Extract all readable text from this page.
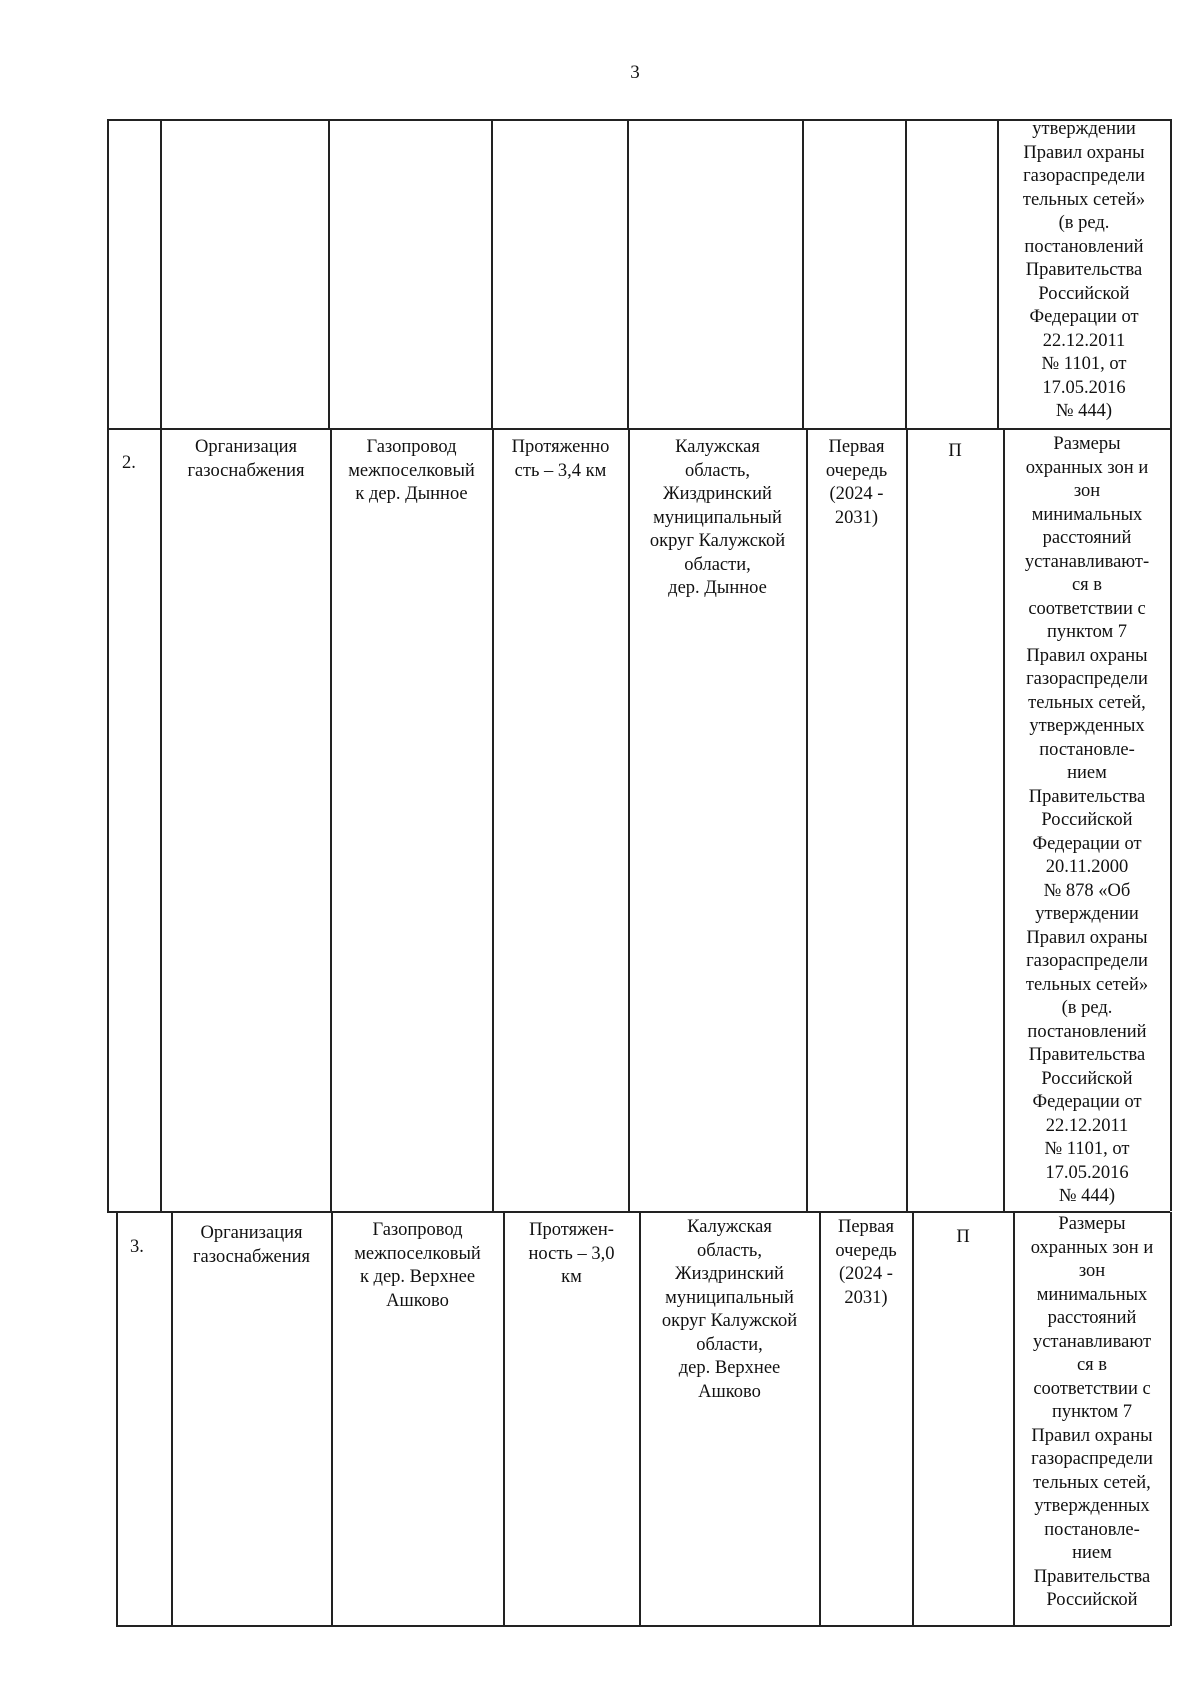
3
утверждении
Правил охраны
газораспредели
тельных сетей»
(в ред.
постановлений
Правительства
Российской
Федерации от
22.12.2011
№ 1101, от
17.05.2016
№ 444)
2.
Организация
газоснабжения
Газопровод
межпоселковый
к дер. Дынное
Протяженно
сть – 3,4 км
Калужская
область,
Жиздринский
муниципальный
округ Калужской
области,
дер. Дынное
Первая
очередь
(2024 -
2031)
П	Размеры
охранных зон и
зон
минимальных
расстояний
устанавливают-
ся в
соответствии с
пунктом 7
Правил охраны
газораспредели
тельных сетей,
утвержденных
постановле-
нием
Правительства
Российской
Федерации от
20.11.2000
№ 878 «Об
утверждении
Правил охраны
газораспредели
тельных сетей»
(в ред.
постановлений
Правительства
Российской
Федерации от
22.12.2011
№ 1101, от
17.05.2016
№ 444)
3.
Организация
газоснабжения
Газопровод
межпоселковый
к дер. Верхнее
Ашково
Протяжен-
ность – 3,0
км
Калужская
область,
Жиздринский
муниципальный
округ Калужской
области,
дер. Верхнее
Ашково
Первая
очередь
(2024 -
2031)
П
Размеры
охранных зон и
зон
минимальных
расстояний
устанавливают
ся в
соответствии с
пунктом 7
Правил охраны
газораспредели
тельных сетей,
утвержденных
постановле-
нием
Правительства
Российской
